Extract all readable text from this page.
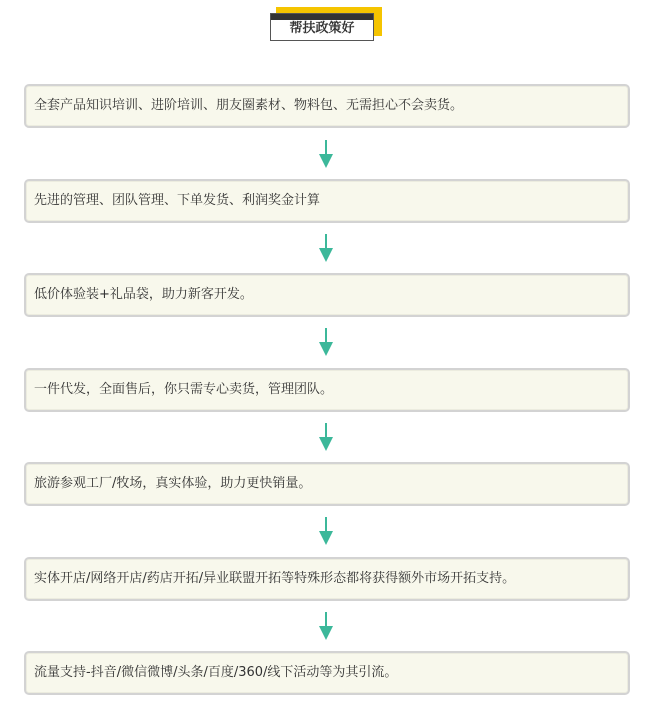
帮扶政策好
全套产品知识培训、进阶培训、朋友圈素材、物料包、无需担心不会卖货。
先进的管理、团队管理、下单发货、利润奖金计算
低价体验装+礼品袋，助力新客开发。
一件代发，全面售后，你只需专心卖货，管理团队。
旅游参观工厂/牧场，真实体验，助力更快销量。
实体开店/网络开店/药店开拓/异业联盟开拓等特殊形态都将获得额外市场开拓支持。
流量支持-抖音/微信微博/头条/百度/360/线下活动等为其引流。
